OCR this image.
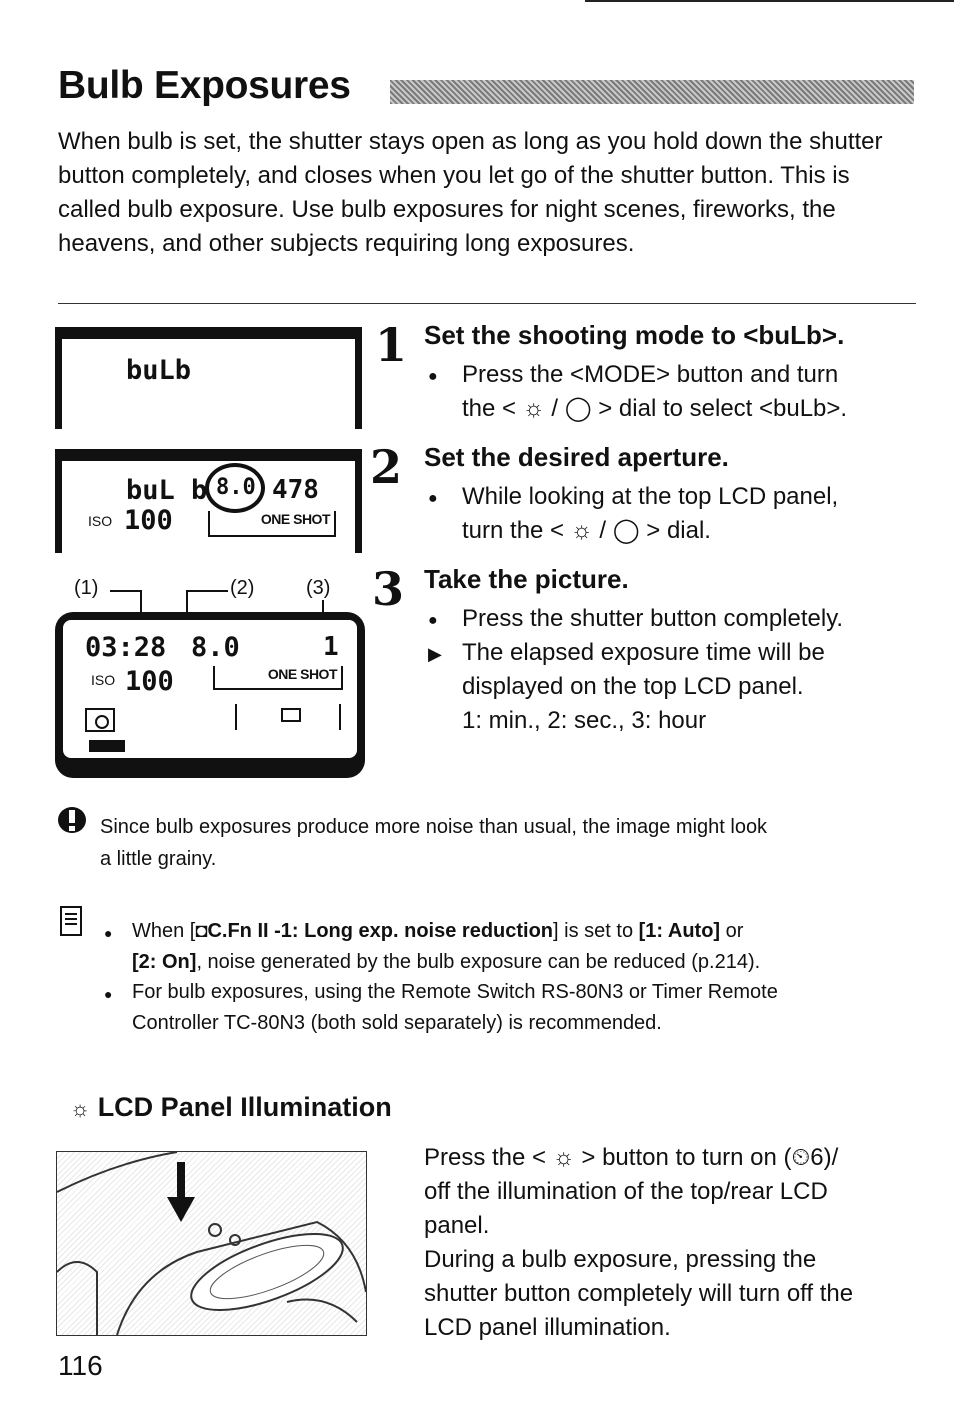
Bulb Exposures

When bulb is set, the shutter stays open as long as you hold down the shutter button completely, and closes when you let go of the shutter button. This is called bulb exposure. Use bulb exposures for night scenes, fireworks, the heavens, and other subjects requiring long exposures.

buLb
buL b 8.0 478
ISO 100	ONE SHOT
(1)	(2)	(3)
03:28 8.0	1
ISO 100	ONE SHOT
1 Set the shooting mode to <buLb>.
● Press the <MODE> button and turn
the < ☼ / ◯ > dial to select <buLb>.
2 Set the desired aperture.
● While looking at the top LCD panel,
turn the < ☼ / ◯ > dial.
3 Take the picture.
● Press the shutter button completely.
▶ The elapsed exposure time will be
displayed on the top LCD panel.
1: min., 2: sec., 3: hour
Since bulb exposures produce more noise than usual, the image might look
a little grainy.
● When [◘C.Fn II -1: Long exp. noise reduction] is set to [1: Auto] or
[2: On], noise generated by the bulb exposure can be reduced (p.214).
● For bulb exposures, using the Remote Switch RS-80N3 or Timer Remote
Controller TC-80N3 (both sold separately) is recommended.
☼ LCD Panel Illumination
Press the < ☼ > button to turn on (⏲6)/
off the illumination of the top/rear LCD
panel.
During a bulb exposure, pressing the
shutter button completely will turn off the
LCD panel illumination.
116
